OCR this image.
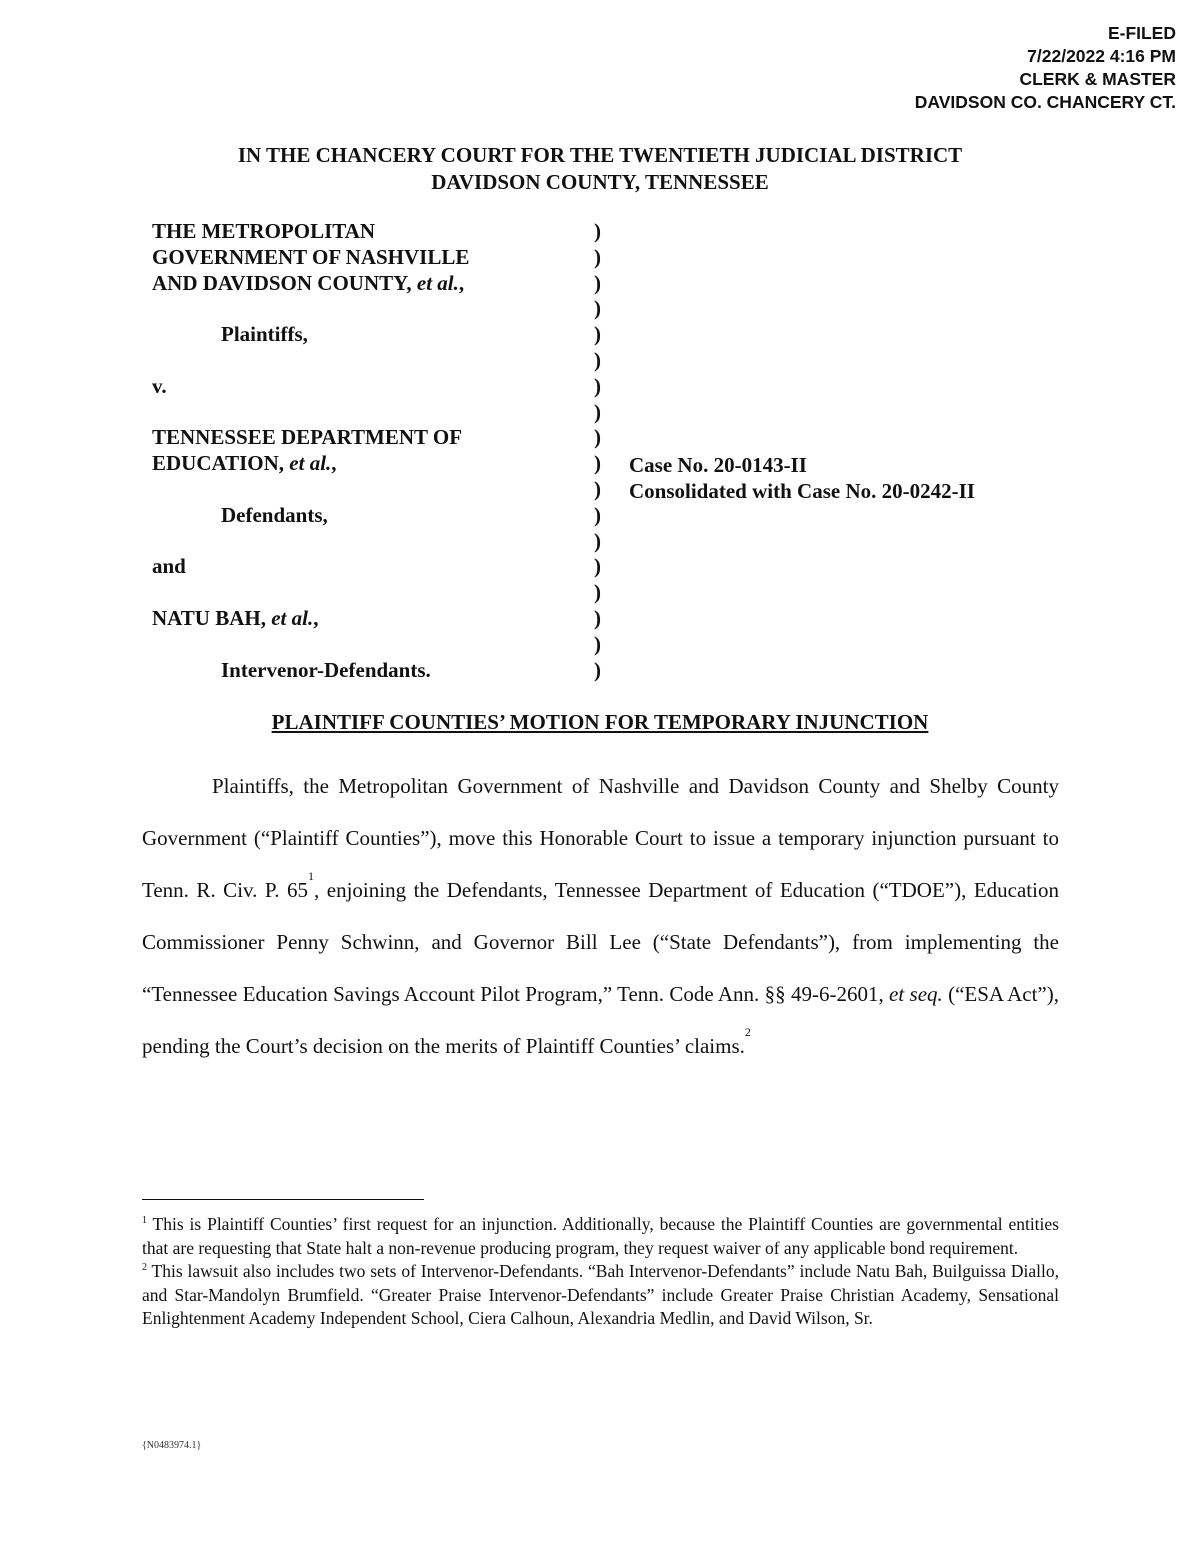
E-FILED
7/22/2022 4:16 PM
CLERK & MASTER
DAVIDSON CO. CHANCERY CT.
IN THE CHANCERY COURT FOR THE TWENTIETH JUDICIAL DISTRICT
DAVIDSON COUNTY, TENNESSEE
THE METROPOLITAN
GOVERNMENT OF NASHVILLE
AND DAVIDSON COUNTY, et al.,
Plaintiffs,
v.
TENNESSEE DEPARTMENT OF
EDUCATION, et al.,
Defendants,
and
NATU BAH, et al.,
Intervenor-Defendants.
)
)
)
)
)
)
)
)
)
)
)
)
)
)
)
)
)
)
Case No. 20-0143-II
Consolidated with Case No. 20-0242-II
PLAINTIFF COUNTIES’ MOTION FOR TEMPORARY INJUNCTION

Plaintiffs, the Metropolitan Government of Nashville and Davidson County and Shelby County Government (“Plaintiff Counties”), move this Honorable Court to issue a temporary injunction pursuant to Tenn. R. Civ. P. $65^1$, enjoining the Defendants, Tennessee Department of Education (“TDOE”), Education Commissioner Penny Schwinn, and Governor Bill Lee (“State Defendants”), from implementing the “Tennessee Education Savings Account Pilot Program,” Tenn. Code Ann. §§ 49-6-2601, et seq. (“ESA Act”), pending the Court’s decision on the merits of Plaintiff Counties’ claims.$^2$

$^1$ This is Plaintiff Counties’ first request for an injunction. Additionally, because the Plaintiff Counties are governmental entities that are requesting that State halt a non-revenue producing program, they request waiver of any applicable bond requirement.

$^2$ This lawsuit also includes two sets of Intervenor-Defendants. “Bah Intervenor-Defendants” include Natu Bah, Builguissa Diallo, and Star-Mandolyn Brumfield. “Greater Praise Intervenor-Defendants” include Greater Praise Christian Academy, Sensational Enlightenment Academy Independent School, Ciera Calhoun, Alexandria Medlin, and David Wilson, Sr.

{N0483974.1}
